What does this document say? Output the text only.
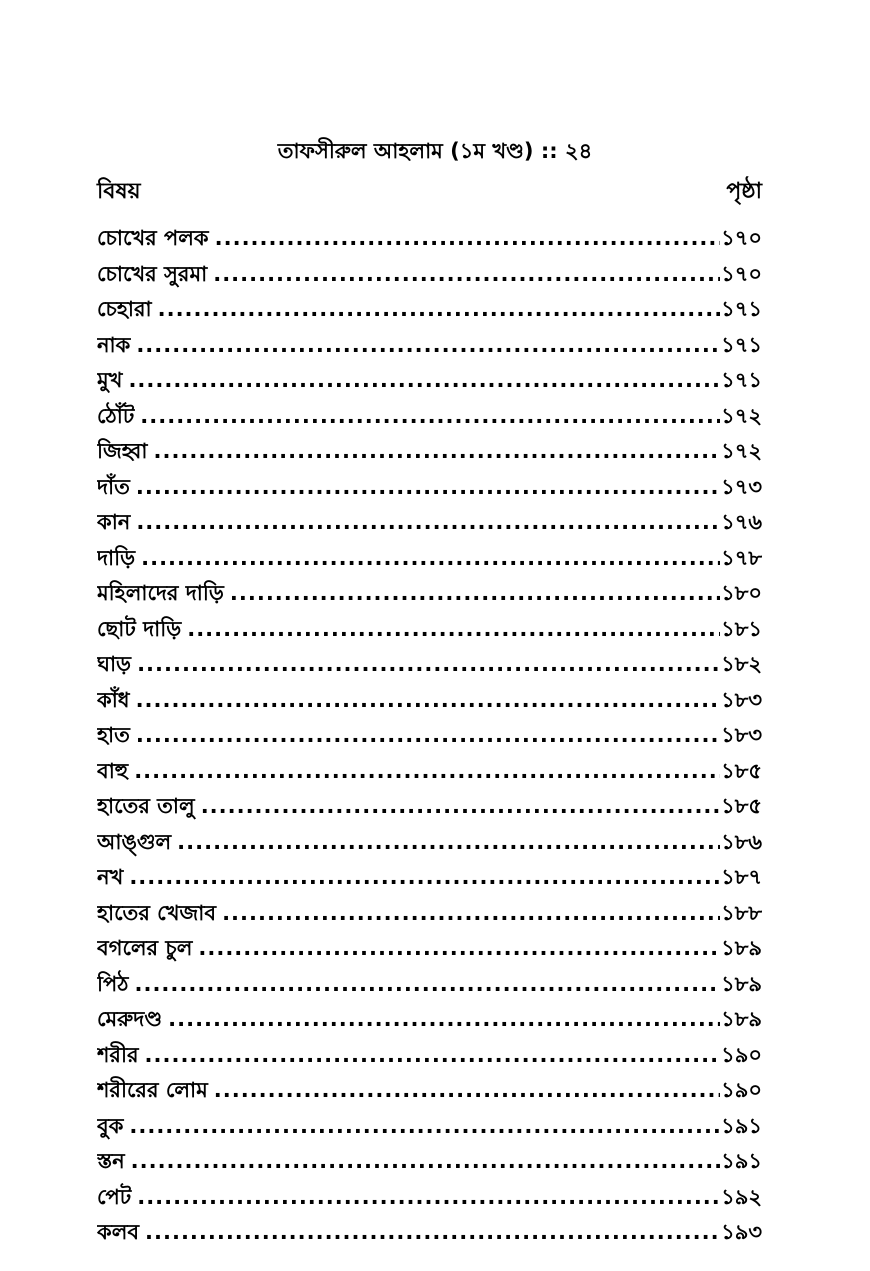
তাফসীরুল আহলাম (১ম খণ্ড) :: ২৪
বিষয়	পৃষ্ঠা
চোখের পলক .....	১৭০
চোখের সুরমা .....	১৭০
চেহারা .....	১৭১
নাক .....	১৭১
মুখ .....	১৭১
ঠোঁট .....	১৭২
জিহ্বা .....	১৭২
দাঁত .....	১৭৩
কান .....	১৭৬
দাড়ি .....	১৭৮
মহিলাদের দাড়ি .....	১৮০
ছোট দাড়ি .....	১৮১
ঘাড় .....	১৮২
কাঁধ .....	১৮৩
হাত .....	১৮৩
বাহু .....	১৮৫
হাতের তালু .....	১৮৫
আঙ্গুল .....	১৮৬
নখ .....	১৮৭
হাতের খেজাব .....	১৮৮
বগলের চুল .....	১৮৯
পিঠ .....	১৮৯
মেরুদণ্ড .....	১৮৯
শরীর .....	১৯০
শরীরের লোম .....	১৯০
বুক .....	১৯১
স্তন .....	১৯১
পেট .....	১৯২
কলব .....	১৯৩
